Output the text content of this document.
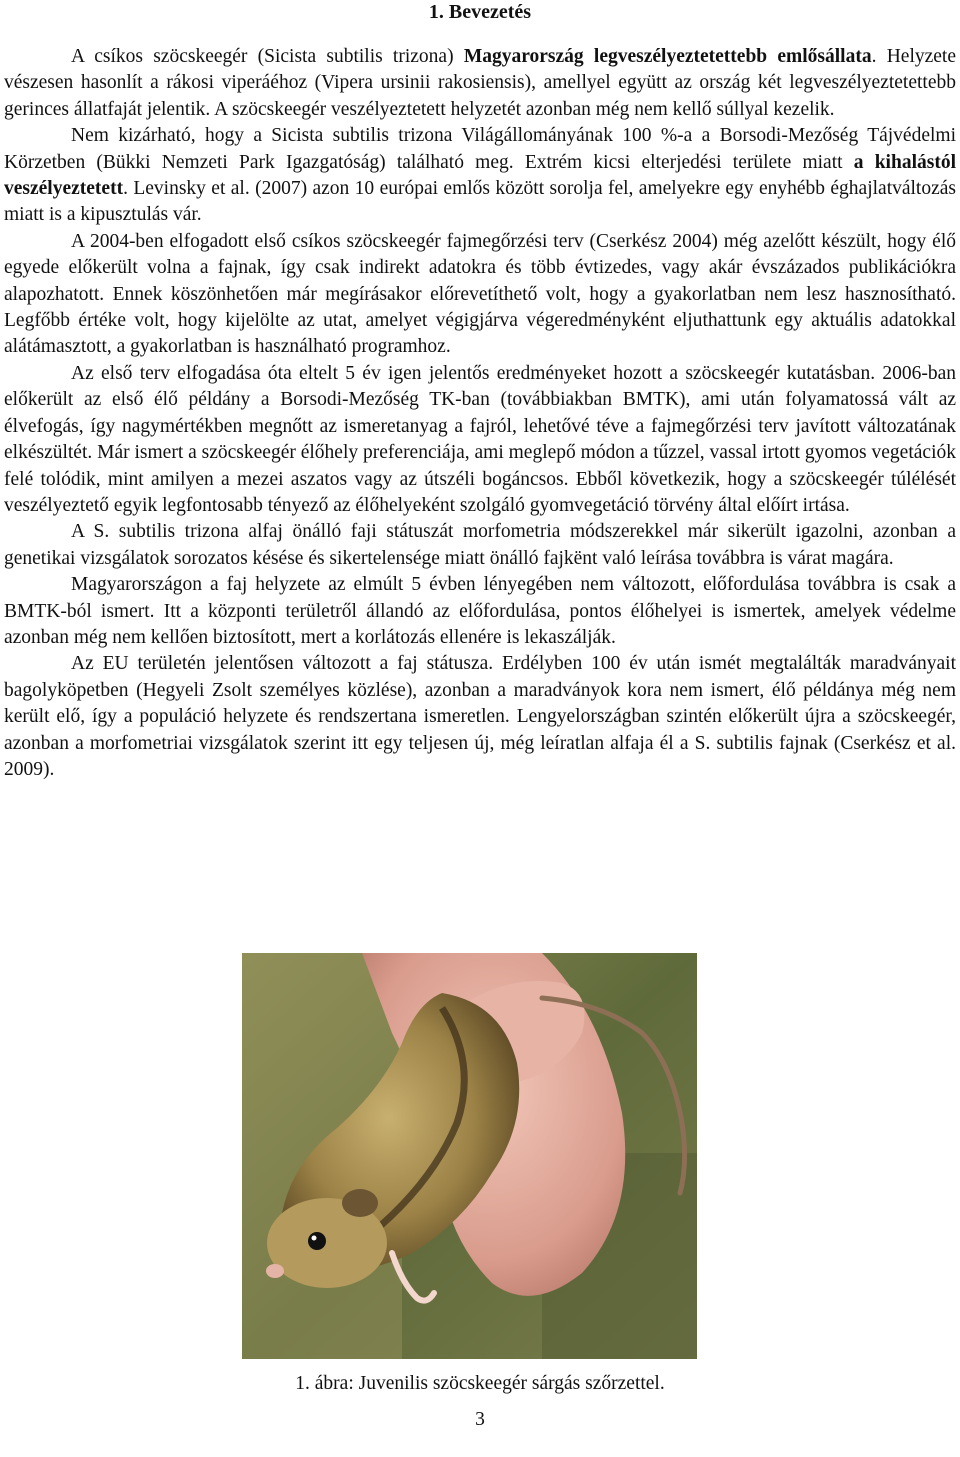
1. Bevezetés

A csíkos szöcskeegér (Sicista subtilis trizona) Magyarország legveszélyeztetettebb emlősállata. Helyzete vészesen hasonlít a rákosi viperáéhoz (Vipera ursinii rakosiensis), amellyel együtt az ország két legveszélyeztetettebb gerinces állatfaját jelentik. A szöcskeegér veszélyeztetett helyzetét azonban még nem kellő súllyal kezelik.

Nem kizárható, hogy a Sicista subtilis trizona Világállományának 100 %-a a Borsodi-Mezőség Tájvédelmi Körzetben (Bükki Nemzeti Park Igazgatóság) található meg. Extrém kicsi elterjedési területe miatt a kihalástól veszélyeztetett. Levinsky et al. (2007) azon 10 európai emlős között sorolja fel, amelyekre egy enyhébb éghajlatváltozás miatt is a kipusztulás vár.

A 2004-ben elfogadott első csíkos szöcskeegér fajmegőrzési terv (Cserkész 2004) még azelőtt készült, hogy élő egyede előkerült volna a fajnak, így csak indirekt adatokra és több évtizedes, vagy akár évszázados publikációkra alapozhatott. Ennek köszönhetően már megírásakor előrevetíthető volt, hogy a gyakorlatban nem lesz hasznosítható. Legfőbb értéke volt, hogy kijelölte az utat, amelyet végigjárva végeredményként eljuthattunk egy aktuális adatokkal alátámasztott, a gyakorlatban is használható programhoz.

Az első terv elfogadása óta eltelt 5 év igen jelentős eredményeket hozott a szöcskeegér kutatásban. 2006-ban előkerült az első élő példány a Borsodi-Mezőség TK-ban (továbbiakban BMTK), ami után folyamatossá vált az élvefogás, így nagymértékben megnőtt az ismeretanyag a fajról, lehetővé téve a fajmegőrzési terv javított változatának elkészültét. Már ismert a szöcskeegér élőhely preferenciája, ami meglepő módon a tűzzel, vassal irtott gyomos vegetációk felé tolódik, mint amilyen a mezei aszatos vagy az útszéli bogáncsos. Ebből következik, hogy a szöcskeegér túlélését veszélyeztető egyik legfontosabb tényező az élőhelyeként szolgáló gyomvegetáció törvény által előírt irtása.

A S. subtilis trizona alfaj önálló faji státuszát morfometria módszerekkel már sikerült igazolni, azonban a genetikai vizsgálatok sorozatos késése és sikertelensége miatt önálló fajkënt való leírása továbbra is várat magára.

Magyarországon a faj helyzete az elmúlt 5 évben lényegében nem változott, előfordulása továbbra is csak a BMTK-ból ismert. Itt a központi területről állandó az előfordulása, pontos élőhelyei is ismertek, amelyek védelme azonban még nem kellően biztosított, mert a korlátozás ellenére is lekaszálják.

Az EU területén jelentősen változott a faj státusza. Erdélyben 100 év után ismét megtalálták maradványait bagolyköpetben (Hegyeli Zsolt személyes közlése), azonban a maradványok kora nem ismert, élő példánya még nem került elő, így a populáció helyzete és rendszertana ismeretlen. Lengyelországban szintén előkerült újra a szöcskeegér, azonban a morfometriai vizsgálatok szerint itt egy teljesen új, még leíratlan alfaja él a S. subtilis fajnak (Cserkész et al. 2009).

1. ábra: Juvenilis szöcskeegér sárgás szőrzettel.
3
